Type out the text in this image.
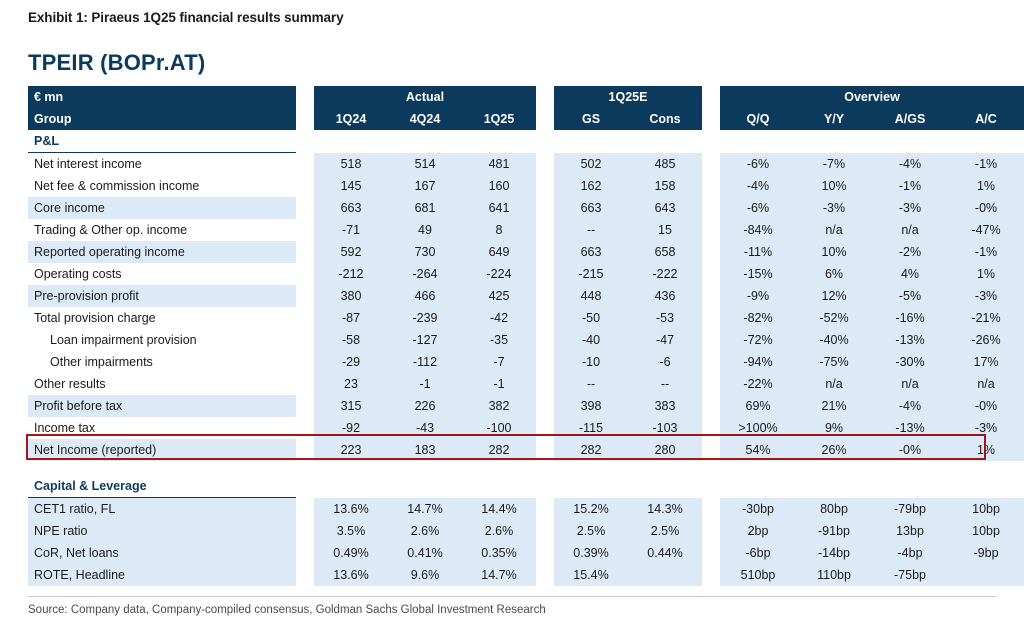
Exhibit 1: Piraeus 1Q25 financial results summary
TPEIR (BOPr.AT)
€ mn		Actual				1Q25E			Overview			
Group		1Q24	4Q24	1Q25		GS	Cons		Q/Q	Y/Y	A/GS	A/C
P&L												
Net interest income		518	514	481		502	485		-6%	-7%	-4%	-1%
Net fee & commission income		145	167	160		162	158		-4%	10%	-1%	1%
Core income		663	681	641		663	643		-6%	-3%	-3%	-0%
Trading & Other op. income		-71	49	8		--	15		-84%	n/a	n/a	-47%
Reported operating income		592	730	649		663	658		-11%	10%	-2%	-1%
Operating costs		-212	-264	-224		-215	-222		-15%	6%	4%	1%
Pre-provision profit		380	466	425		448	436		-9%	12%	-5%	-3%
Total provision charge		-87	-239	-42		-50	-53		-82%	-52%	-16%	-21%
Loan impairment provision		-58	-127	-35		-40	-47		-72%	-40%	-13%	-26%
Other impairments		-29	-112	-7		-10	-6		-94%	-75%	-30%	17%
Other results		23	-1	-1		--	--		-22%	n/a	n/a	n/a
Profit before tax		315	226	382		398	383		69%	21%	-4%	-0%
Income tax		-92	-43	-100		-115	-103		>100%	9%	-13%	-3%
Net Income (reported)		223	183	282		282	280		54%	26%	-0%	1%

Capital & Leverage												
CET1 ratio, FL		13.6%	14.7%	14.4%		15.2%	14.3%		-30bp	80bp	-79bp	10bp
NPE ratio		3.5%	2.6%	2.6%		2.5%	2.5%		2bp	-91bp	13bp	10bp
CoR, Net loans		0.49%	0.41%	0.35%		0.39%	0.44%		-6bp	-14bp	-4bp	-9bp
ROTE, Headline		13.6%	9.6%	14.7%		15.4%			510bp	110bp	-75bp	
Source: Company data, Company-compiled consensus, Goldman Sachs Global Investment Research
